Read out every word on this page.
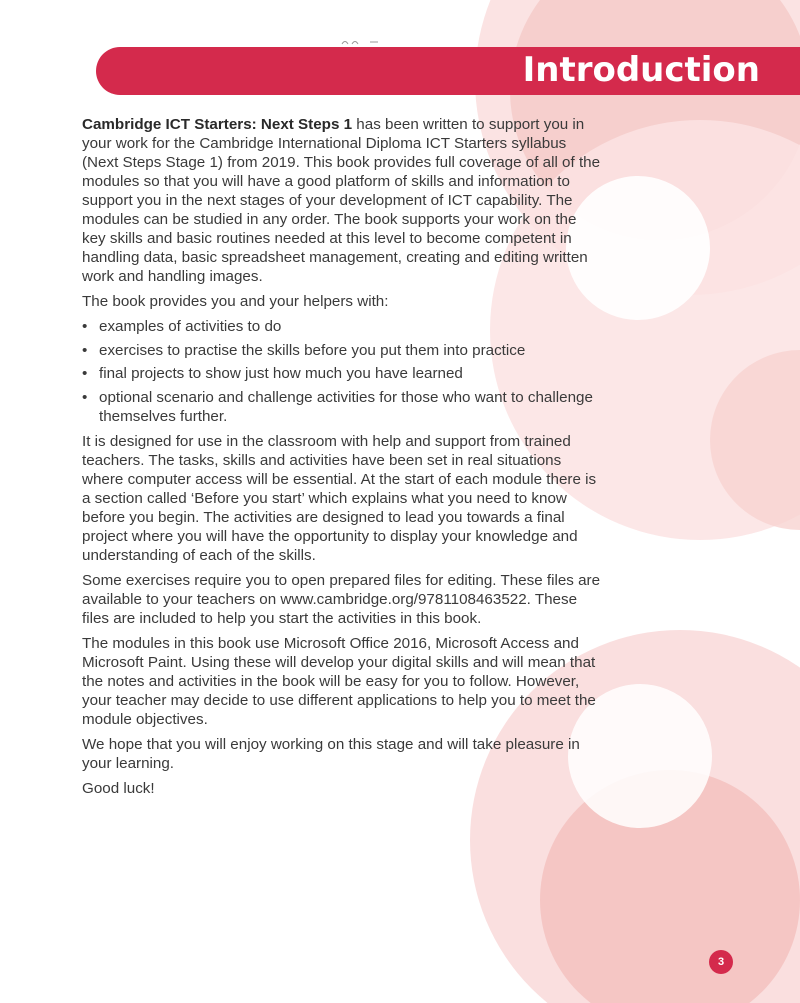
Introduction

Cambridge ICT Starters: Next Steps 1 has been written to support you in your work for the Cambridge International Diploma ICT Starters syllabus (Next Steps Stage 1) from 2019. This book provides full coverage of all of the modules so that you will have a good platform of skills and information to support you in the next stages of your development of ICT capability. The modules can be studied in any order. The book supports your work on the key skills and basic routines needed at this level to become competent in handling data, basic spreadsheet management, creating and editing written work and handling images.

The book provides you and your helpers with:

• examples of activities to do
• exercises to practise the skills before you put them into practice
• final projects to show just how much you have learned
• optional scenario and challenge activities for those who want to challenge themselves further.

It is designed for use in the classroom with help and support from trained teachers. The tasks, skills and activities have been set in real situations where computer access will be essential. At the start of each module there is a section called ‘Before you start’ which explains what you need to know before you begin. The activities are designed to lead you towards a final project where you will have the opportunity to display your knowledge and understanding of each of the skills.

Some exercises require you to open prepared files for editing. These files are available to your teachers on www.cambridge.org/9781108463522. These files are included to help you start the activities in this book.

The modules in this book use Microsoft Office 2016, Microsoft Access and Microsoft Paint. Using these will develop your digital skills and will mean that the notes and activities in the book will be easy for you to follow. However, your teacher may decide to use different applications to help you to meet the module objectives.

We hope that you will enjoy working on this stage and will take pleasure in your learning.

Good luck!

3
